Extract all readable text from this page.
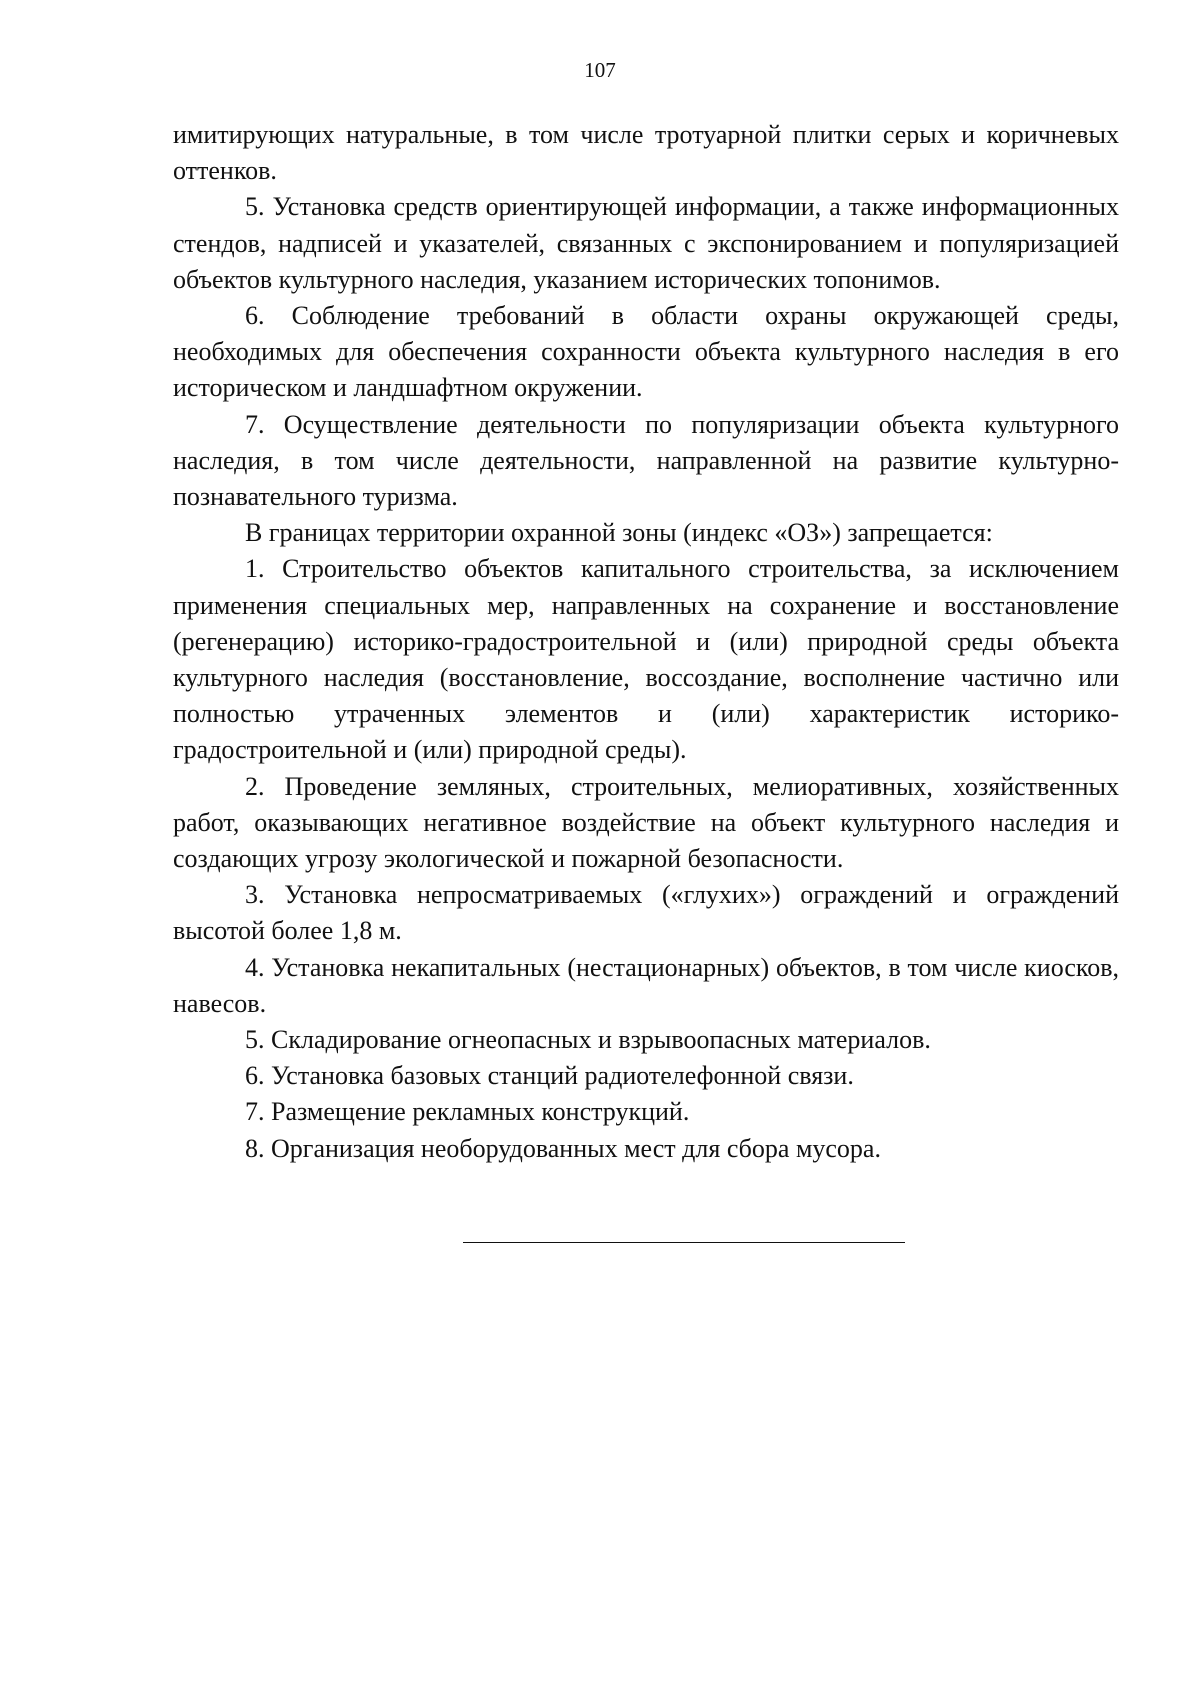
107

имитирующих натуральные, в том числе тротуарной плитки серых и коричневых оттенков.

5. Установка средств ориентирующей информации, а также информационных стендов, надписей и указателей, связанных с экспонированием и популяризацией объектов культурного наследия, указанием исторических топонимов.

6. Соблюдение требований в области охраны окружающей среды, необходимых для обеспечения сохранности объекта культурного наследия в его историческом и ландшафтном окружении.

7. Осуществление деятельности по популяризации объекта культурного наследия, в том числе деятельности, направленной на развитие культурно-познавательного туризма.

В границах территории охранной зоны (индекс «ОЗ») запрещается:

1. Строительство объектов капитального строительства, за исключением применения специальных мер, направленных на сохранение и восстановление (регенерацию) историко-градостроительной и (или) природной среды объекта культурного наследия (восстановление, воссоздание, восполнение частично или полностью утраченных элементов и (или) характеристик историко-градостроительной и (или) природной среды).

2. Проведение земляных, строительных, мелиоративных, хозяйственных работ, оказывающих негативное воздействие на объект культурного наследия и создающих угрозу экологической и пожарной безопасности.

3. Установка непросматриваемых («глухих») ограждений и ограждений высотой более 1,8 м.

4. Установка некапитальных (нестационарных) объектов, в том числе киосков, навесов.

5. Складирование огнеопасных и взрывоопасных материалов.

6. Установка базовых станций радиотелефонной связи.

7. Размещение рекламных конструкций.

8. Организация необорудованных мест для сбора мусора.
